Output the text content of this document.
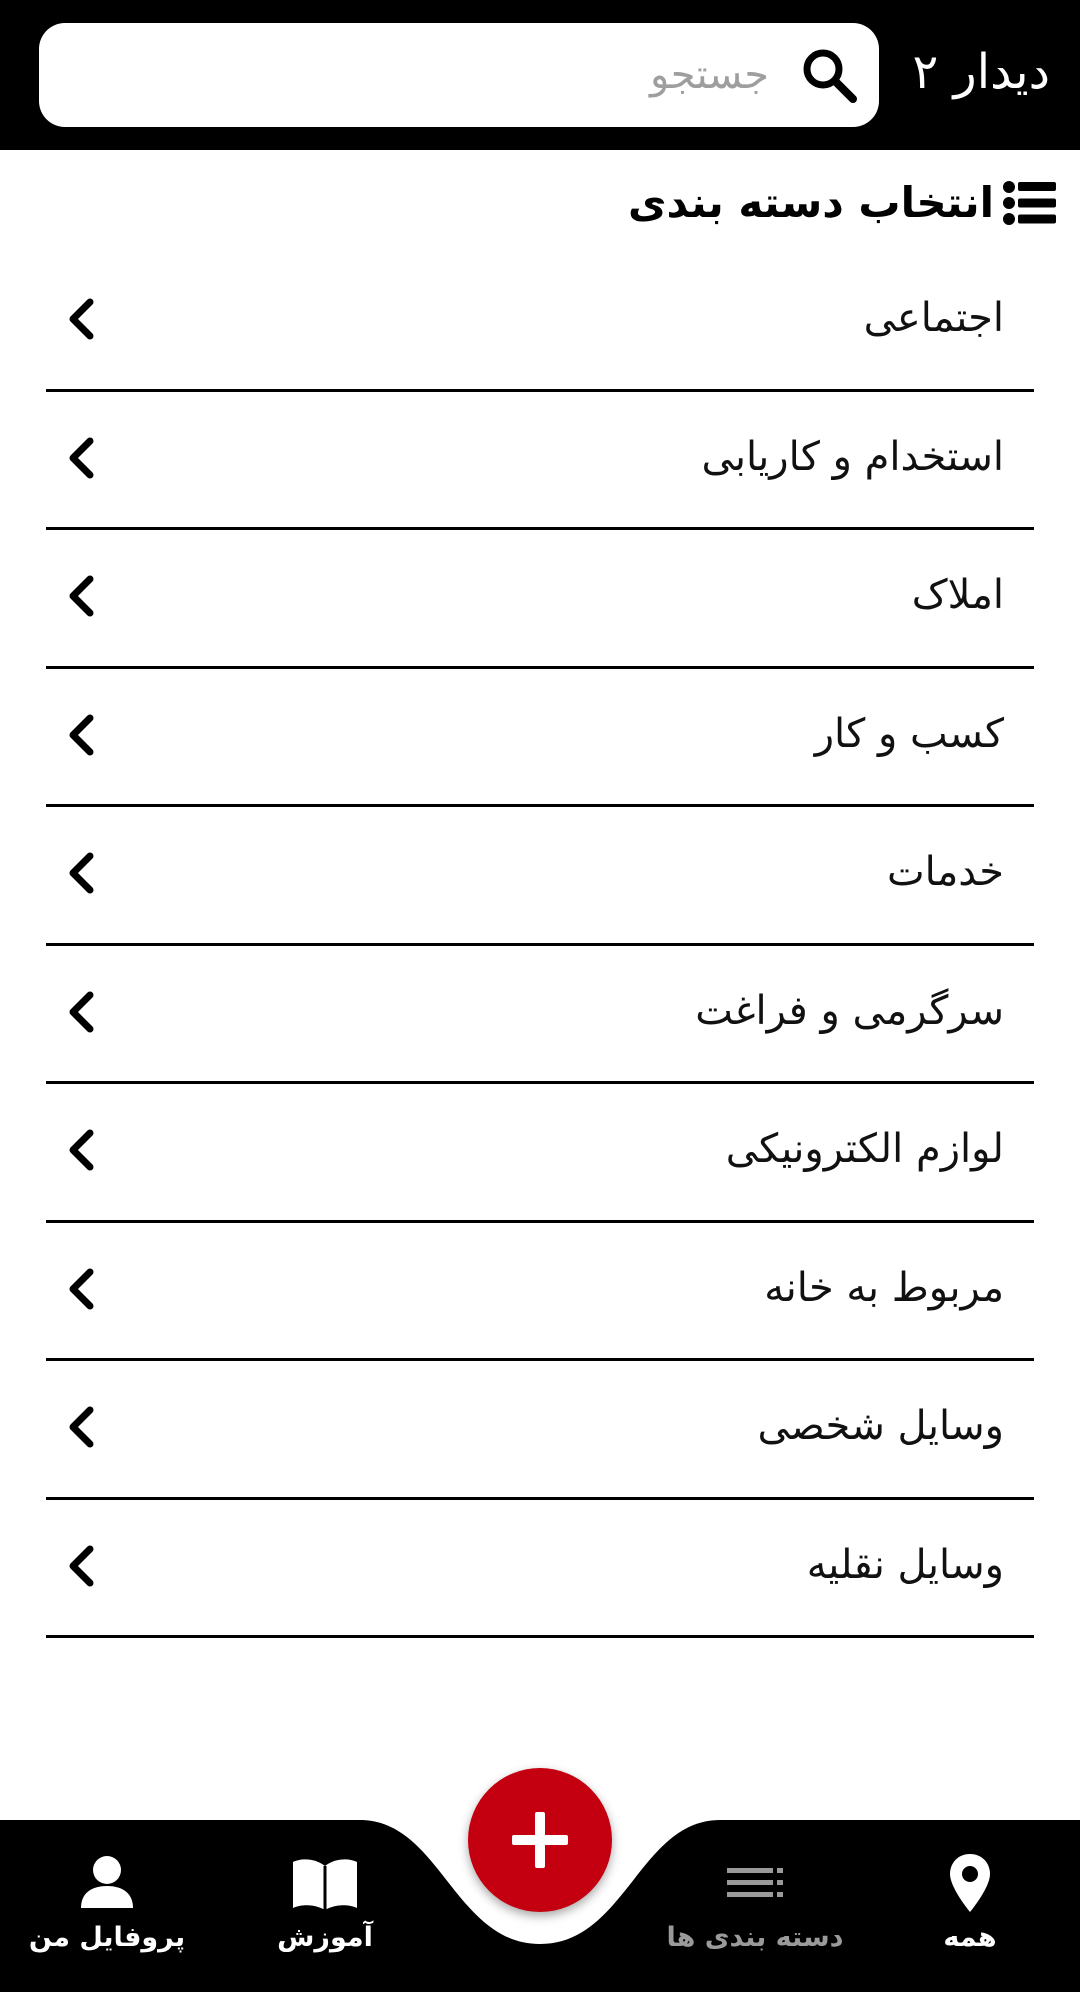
دیدار ۲
جستجو
انتخاب دسته بندی
اجتماعی
استخدام و کاریابی
املاک
کسب و کار
خدمات
سرگرمی و فراغت
لوازم الکترونیکی
مربوط به خانه
وسایل شخصی
وسایل نقلیه
همه
دسته بندی ها
آموزش
پروفایل من
